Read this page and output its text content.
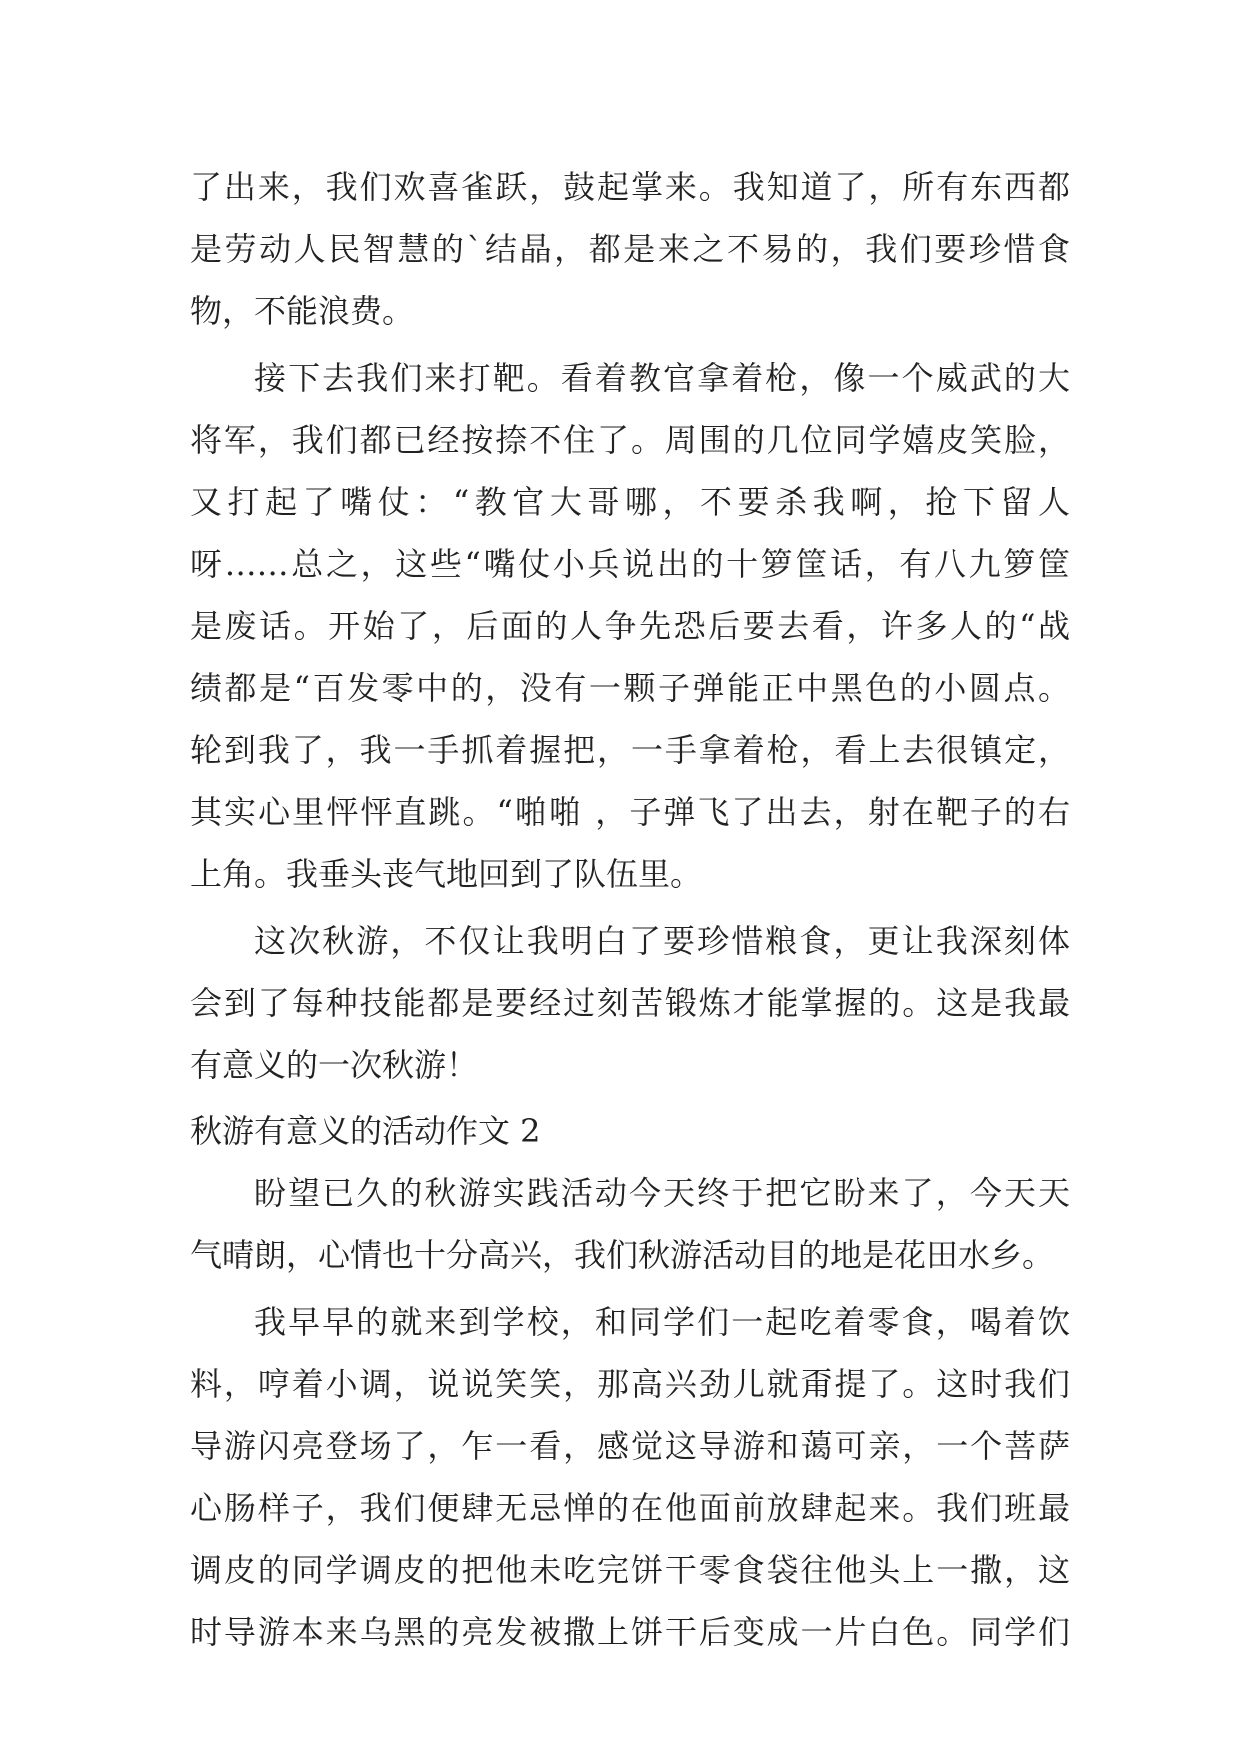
了出来，我们欢喜雀跃，鼓起掌来。我知道了，所有东西都
是劳动人民智慧的`结晶，都是来之不易的，我们要珍惜食
物，不能浪费。
接下去我们来打靶。看着教官拿着枪，像一个威武的大
将军，我们都已经按捺不住了。周围的几位同学嬉皮笑脸，
又打起了嘴仗：“教官大哥哪，不要杀我啊，抢下留人
呀……总之，这些“嘴仗小兵说出的十箩筐话，有八九箩筐
是废话。开始了，后面的人争先恐后要去看，许多人的“战
绩都是“百发零中的，没有一颗子弹能正中黑色的小圆点。
轮到我了，我一手抓着握把，一手拿着枪，看上去很镇定，
其实心里怦怦直跳。“啪啪 ，子弹飞了出去，射在靶子的右
上角。我垂头丧气地回到了队伍里。
这次秋游，不仅让我明白了要珍惜粮食，更让我深刻体
会到了每种技能都是要经过刻苦锻炼才能掌握的。这是我最
有意义的一次秋游！
秋游有意义的活动作文 2
盼望已久的秋游实践活动今天终于把它盼来了，今天天
气晴朗，心情也十分高兴，我们秋游活动目的地是花田水乡。
我早早的就来到学校，和同学们一起吃着零食，喝着饮
料，哼着小调，说说笑笑，那高兴劲儿就甭提了。这时我们
导游闪亮登场了，乍一看，感觉这导游和蔼可亲，一个菩萨
心肠样子，我们便肆无忌惮的在他面前放肆起来。我们班最
调皮的同学调皮的把他未吃完饼干零食袋往他头上一撒，这
时导游本来乌黑的亮发被撒上饼干后变成一片白色。同学们
